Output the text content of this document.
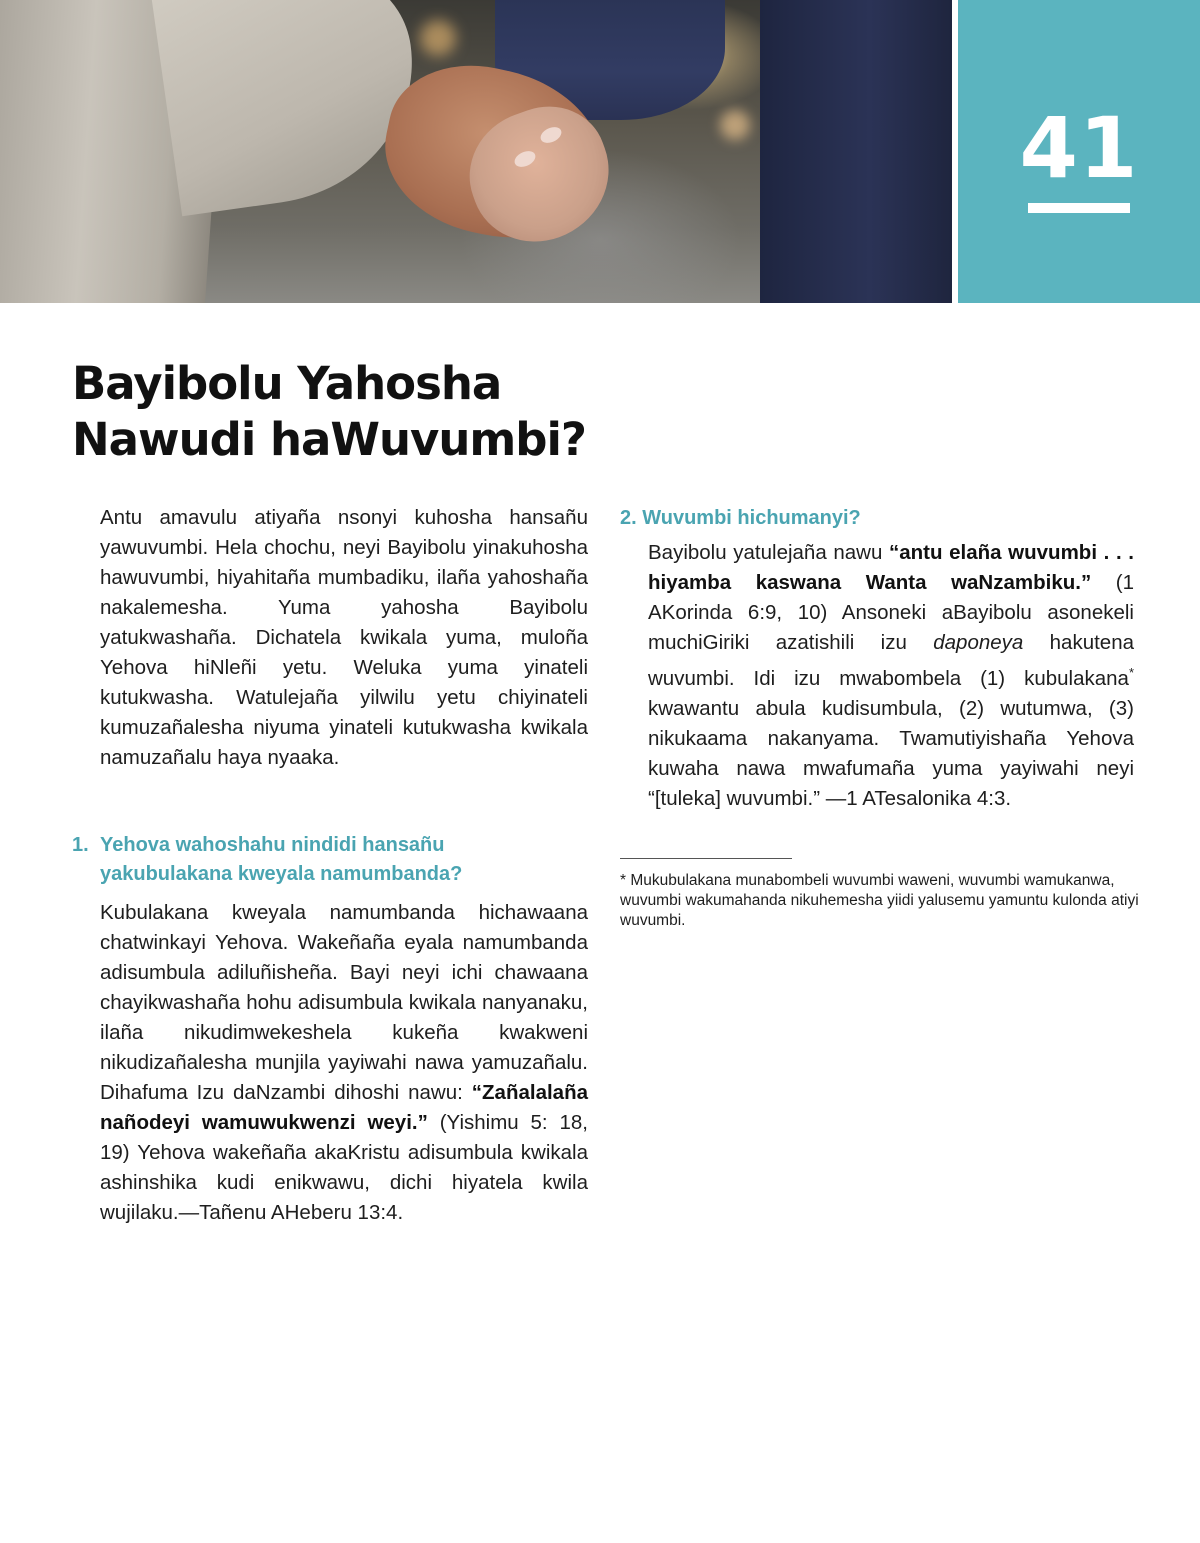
41
Bayibolu Yahosha
Nawudi haWuvumbi?

Antu amavulu atiyaña nsonyi kuhosha hansañu yawuvumbi. Hela chochu, neyi Bayibolu yinakuhosha hawuvumbi, hiyahitaña mumbadiku, ilaña yahoshaña nakalemesha. Yuma yahosha Bayibolu yatukwashaña. Dichatela kwikala yuma, muloña Yehova hiNleñi yetu. Weluka yuma yinateli kutukwasha. Watulejaña yilwilu yetu chiyinateli kumuzañalesha niyuma yinateli kutukwasha kwikala namuzañalu haya nyaaka.

1. Yehova wahoshahu nindidi hansañu
yakubulakana kweyala namumbanda?

Kubulakana kweyala namumbanda hichawaana chatwinkayi Yehova. Wakeñaña eyala namumbanda adisumbula adiluñisheña. Bayi neyi ichi chawaana chayikwashaña hohu adisumbula kwikala nanyanaku, ilaña nikudimwekeshela kukeña kwakweni nikudizañalesha munjila yayiwahi nawa yamuzañalu. Dihafuma Izu daNzambi dihoshi nawu: “Zañalalaña nañodeyi wamuwukwenzi weyi.” (Yishimu 5: 18, 19) Yehova wakeñaña akaKristu adisumbula kwikala ashinshika kudi enikwawu, dichi hiyatela kwila wujilaku.—Tañenu AHeberu 13:4.

2. Wuvumbi hichumanyi?

Bayibolu yatulejaña nawu “antu elaña wuvumbi . . . hiyamba kaswana Wanta waNzambiku.” (1 AKorinda 6:9, 10) Ansoneki aBayibolu asonekeli muchiGiriki azatishili izu daponeya hakutena wuvumbi. Idi izu mwabombela (1) kubulakana* kwawantu abula kudisumbula, (2) wutumwa, (3) nikukaama nakanyama. Twamutiyishaña Yehova kuwaha nawa mwafumaña yuma yayiwahi neyi “[tuleka] wuvumbi.” —1 ATesalonika 4:3.

* Mukubulakana munabombeli wuvumbi waweni, wuvumbi wamukanwa, wuvumbi wakumahanda nikuhemesha yiidi yalusemu yamuntu kulonda atiyi wuvumbi.
